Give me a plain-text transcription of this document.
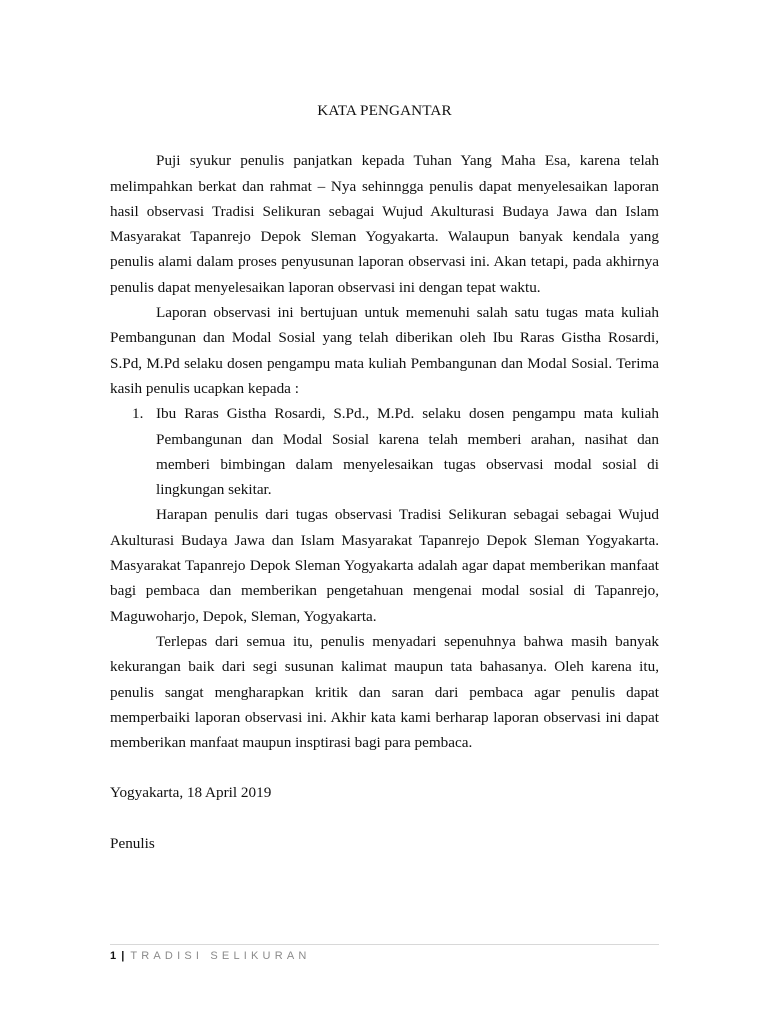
KATA PENGANTAR

Puji syukur penulis panjatkan kepada Tuhan Yang Maha Esa, karena telah melimpahkan berkat dan rahmat – Nya sehinngga penulis dapat menyelesaikan laporan hasil observasi Tradisi Selikuran sebagai Wujud Akulturasi Budaya Jawa dan Islam Masyarakat Tapanrejo Depok Sleman Yogyakarta. Walaupun banyak kendala yang penulis alami dalam proses penyusunan laporan observasi ini. Akan tetapi, pada akhirnya penulis dapat menyelesaikan laporan observasi ini dengan tepat waktu.

Laporan observasi ini bertujuan untuk memenuhi salah satu tugas mata kuliah Pembangunan dan Modal Sosial yang telah diberikan oleh Ibu Raras Gistha Rosardi, S.Pd, M.Pd selaku dosen pengampu mata kuliah Pembangunan dan Modal Sosial. Terima kasih penulis ucapkan kepada :

1. Ibu Raras Gistha Rosardi, S.Pd., M.Pd. selaku dosen pengampu mata kuliah Pembangunan dan Modal Sosial karena telah memberi arahan, nasihat dan memberi bimbingan dalam menyelesaikan tugas observasi modal sosial di lingkungan sekitar.

Harapan penulis dari tugas observasi Tradisi Selikuran sebagai sebagai Wujud Akulturasi Budaya Jawa dan Islam Masyarakat Tapanrejo Depok Sleman Yogyakarta. Masyarakat Tapanrejo Depok Sleman Yogyakarta adalah agar dapat memberikan manfaat bagi pembaca dan memberikan pengetahuan mengenai modal sosial di Tapanrejo, Maguwoharjo, Depok, Sleman, Yogyakarta.

Terlepas dari semua itu, penulis menyadari sepenuhnya bahwa masih banyak kekurangan baik dari segi susunan kalimat maupun tata bahasanya. Oleh karena itu, penulis sangat mengharapkan kritik dan saran dari pembaca agar penulis dapat memperbaiki laporan observasi ini. Akhir kata kami berharap laporan observasi ini dapat memberikan manfaat maupun insptirasi bagi para pembaca.

Yogyakarta, 18 April 2019

Penulis

1 | TRADISI SELIKURAN
